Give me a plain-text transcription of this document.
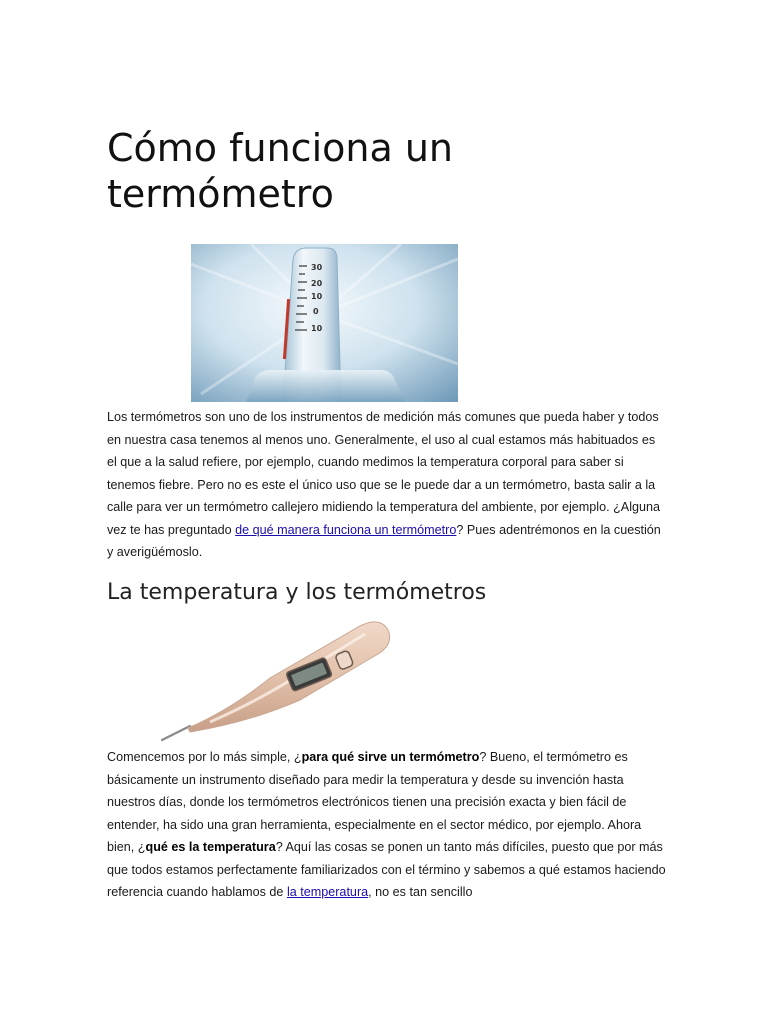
Cómo funciona un termómetro
30
20
10
0
10

Los termómetros son uno de los instrumentos de medición más comunes que pueda haber y todos en nuestra casa tenemos al menos uno. Generalmente, el uso al cual estamos más habituados es el que a la salud refiere, por ejemplo, cuando medimos la temperatura corporal para saber si tenemos fiebre. Pero no es este el único uso que se le puede dar a un termómetro, basta salir a la calle para ver un termómetro callejero midiendo la temperatura del ambiente, por ejemplo. ¿Alguna vez te has preguntado de qué manera funciona un termómetro? Pues adentrémonos en la cuestión y averigüémoslo.

La temperatura y los termómetros

Comencemos por lo más simple, ¿para qué sirve un termómetro? Bueno, el termómetro es básicamente un instrumento diseñado para medir la temperatura y desde su invención hasta nuestros días, donde los termómetros electrónicos tienen una precisión exacta y bien fácil de entender, ha sido una gran herramienta, especialmente en el sector médico, por ejemplo. Ahora bien, ¿qué es la temperatura? Aquí las cosas se ponen un tanto más difíciles, puesto que por más que todos estamos perfectamente familiarizados con el término y sabemos a qué estamos haciendo referencia cuando hablamos de la temperatura, no es tan sencillo
